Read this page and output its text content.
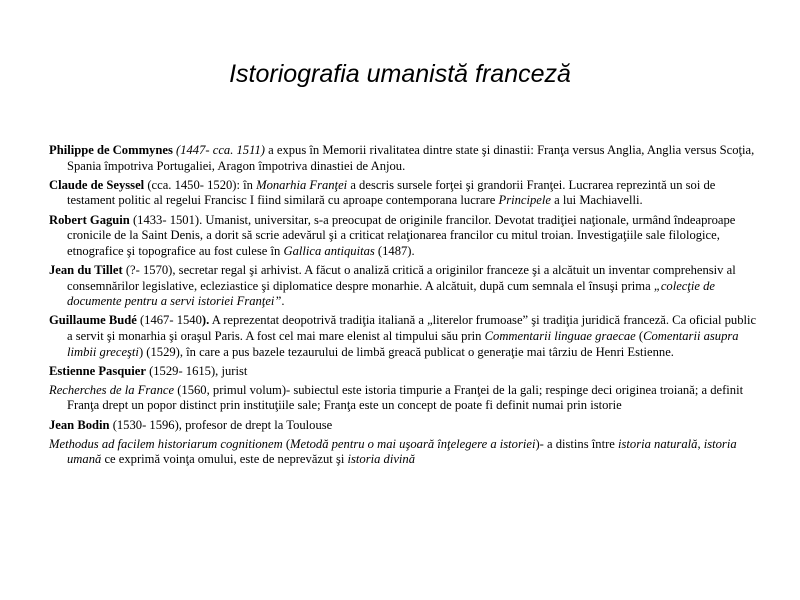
Istoriografia umanistă franceză

Philippe de Commynes (1447- cca. 1511) a expus în Memorii rivalitatea dintre state şi dinastii: Franţa versus Anglia, Anglia versus Scoţia, Spania împotriva Portugaliei, Aragon împotriva dinastiei de Anjou.

Claude de Seyssel (cca. 1450- 1520): în Monarhia Franţei a descris sursele forţei şi grandorii Franţei. Lucrarea reprezintă un soi de testament politic al regelui Francisc I fiind similară cu aproape contemporana lucrare Principele a lui Machiavelli.

Robert Gaguin (1433- 1501). Umanist, universitar, s-a preocupat de originile francilor. Devotat tradiţiei naţionale, urmând îndeaproape cronicile de la Saint Denis, a dorit să scrie adevărul şi a criticat relaţionarea francilor cu mitul troian. Investigaţiile sale filologice, etnografice şi topografice au fost culese în Gallica antiquitas (1487).

Jean du Tillet (?- 1570), secretar regal şi arhivist. A făcut o analiză critică a originilor franceze şi a alcătuit un inventar comprehensiv al consemnărilor legislative, ecleziastice şi diplomatice despre monarhie. A alcătuit, după cum semnala el însuşi prima „colecţie de documente pentru a servi istoriei Franţei”.

Guillaume Budé (1467- 1540). A reprezentat deopotrivă tradiţia italiană a „literelor frumoase” şi tradiţia juridică franceză. Ca oficial public a servit şi monarhia şi oraşul Paris. A fost cel mai mare elenist al timpului său prin Commentarii linguae graecae (Comentarii asupra limbii greceşti) (1529), în care a pus bazele tezaurului de limbă greacă publicat o generaţie mai târziu de Henri Estienne.

Estienne Pasquier (1529- 1615), jurist

Recherches de la France (1560, primul volum)- subiectul este istoria timpurie a Franţei de la gali; respinge deci originea troiană; a definit Franţa drept un popor distinct prin instituţiile sale; Franţa este un concept de poate fi definit numai prin istorie

Jean Bodin (1530- 1596), profesor de drept la Toulouse

Methodus ad facilem historiarum cognitionem (Metodă pentru o mai uşoară înţelegere a istoriei)- a distins între istoria naturală, istoria umană ce exprimă voinţa omului, este de neprevăzut şi istoria divină
